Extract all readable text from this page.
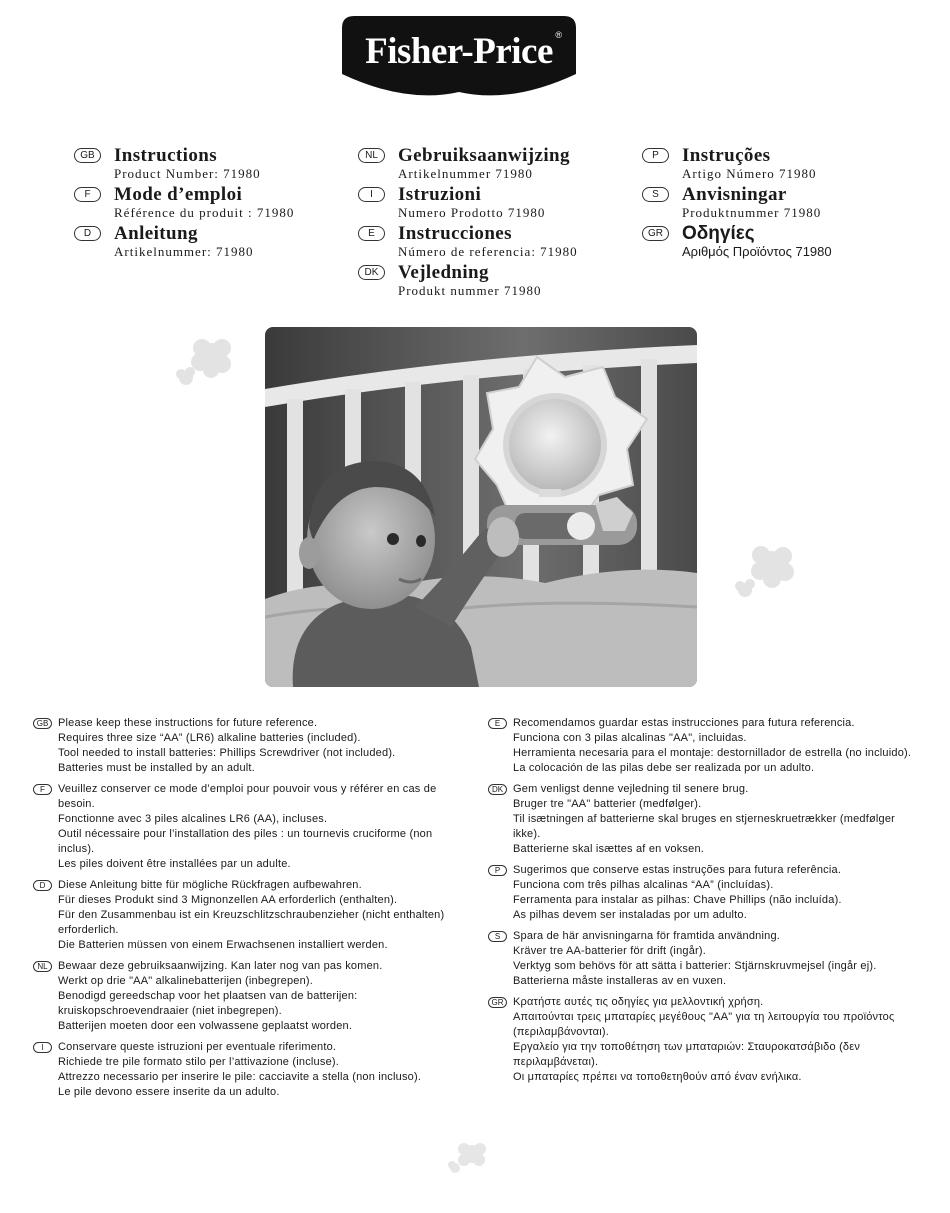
Fisher-Price ®
GB	Instructions
Product Number: 71980
F	Mode d’emploi
Référence du produit : 71980
D	Anleitung
Artikelnummer: 71980
NL	Gebruiksaanwijzing
Artikelnummer 71980
I	Istruzioni
Numero Prodotto 71980
E	Instrucciones
Número de referencia: 71980
DK	Vejledning
Produkt nummer 71980
P	Instruções
Artigo Número 71980
S	Anvisningar
Produktnummer 71980
GR	Οδηγίες
Αριθμός Προϊόντος 71980
GB Please keep these instructions for future reference.
Requires three size “AA” (LR6) alkaline batteries (included).
Tool needed to install batteries: Phillips Screwdriver (not included).
Batteries must be installed by an adult.
F	Veuillez conserver ce mode d’emploi pour pouvoir vous y référer en cas de besoin.
Fonctionne avec 3 piles alcalines LR6 (AA), incluses.
Outil nécessaire pour l’installation des piles : un tournevis cruciforme (non inclus).
Les piles doivent être installées par un adulte.
D	Diese Anleitung bitte für mögliche Rückfragen aufbewahren.
Für dieses Produkt sind 3 Mignonzellen AA erforderlich (enthalten).
Für den Zusammenbau ist ein Kreuzschlitzschraubenzieher (nicht enthalten) erforderlich.
Die Batterien müssen von einem Erwachsenen installiert werden.
NL Bewaar deze gebruiksaanwijzing. Kan later nog van pas komen.
Werkt op drie "AA" alkalinebatterijen (inbegrepen).
Benodigd gereedschap voor het plaatsen van de batterijen: kruiskopschroevendraaier (niet inbegrepen).
Batterijen moeten door een volwassene geplaatst worden.
I	Conservare queste istruzioni per eventuale riferimento.
Richiede tre pile formato stilo per l’attivazione (incluse).
Attrezzo necessario per inserire le pile: cacciavite a stella (non incluso).
Le pile devono essere inserite da un adulto.
E	Recomendamos guardar estas instrucciones para futura referencia.
Funciona con 3 pilas alcalinas "AA", incluidas.
Herramienta necesaria para el montaje: destornillador de estrella (no incluido).
La colocación de las pilas debe ser realizada por un adulto.
DK Gem venligst denne vejledning til senere brug.
Bruger tre "AA" batterier (medfølger).
Til isætningen af batterierne skal bruges en stjerneskruetrækker (medfølger ikke).
Batterierne skal isættes af en voksen.
P	Sugerimos que conserve estas instruções para futura referência.
Funciona com três pilhas alcalinas “AA” (incluídas).
Ferramenta para instalar as pilhas: Chave Phillips (não incluída).
As pilhas devem ser instaladas por um adulto.
S	Spara de här anvisningarna för framtida användning.
Kräver tre AA-batterier för drift (ingår).
Verktyg som behövs för att sätta i batterier: Stjärnskruvmejsel (ingår ej).
Batterierna måste installeras av en vuxen.
GR Κρατήστε αυτές τις οδηγίες για μελλοντική χρήση.
Απαιτούνται τρεις μπαταρίες μεγέθους "AA" για τη λειτουργία του προϊόντος (περιλαμβάνονται).
Εργαλείο για την τοποθέτηση των μπαταριών: Σταυροκατσάβιδο (δεν περιλαμβάνεται).
Οι μπαταρίες πρέπει να τοποθετηθούν από έναν ενήλικα.
